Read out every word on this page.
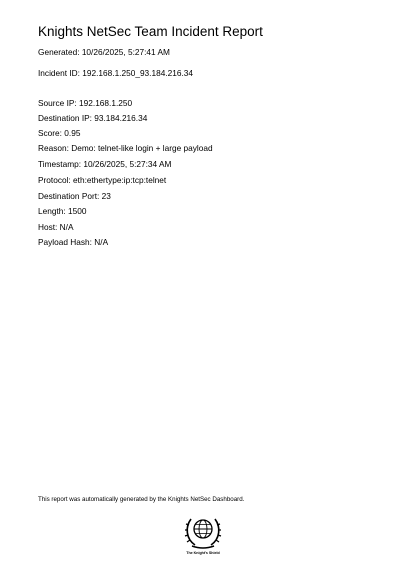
Knights NetSec Team Incident Report
Generated: 10/26/2025, 5:27:41 AM
Incident ID: 192.168.1.250_93.184.216.34
Source IP: 192.168.1.250
Destination IP: 93.184.216.34
Score: 0.95
Reason: Demo: telnet-like login + large payload
Timestamp: 10/26/2025, 5:27:34 AM
Protocol: eth:ethertype:ip:tcp:telnet
Destination Port: 23
Length: 1500
Host: N/A
Payload Hash: N/A
This report was automatically generated by the Knights NetSec Dashboard.
The Knight's Shield
